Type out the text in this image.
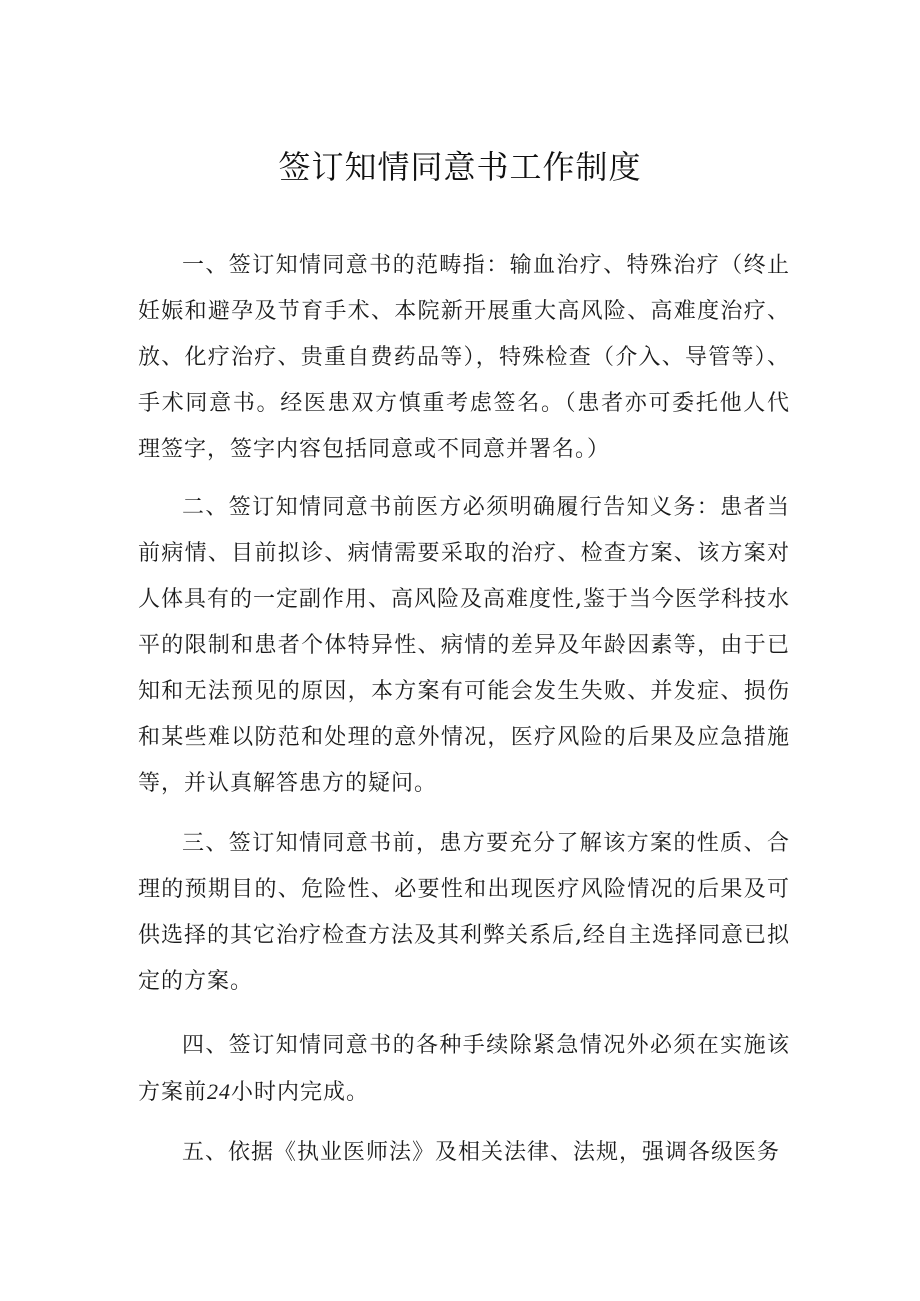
签订知情同意书工作制度

一、签订知情同意书的范畴指：输血治疗、特殊治疗（终止妊娠和避孕及节育手术、本院新开展重大高风险、高难度治疗、放、化疗治疗、贵重自费药品等），特殊检查（介入、导管等）、手术同意书。经医患双方慎重考虑签名。（患者亦可委托他人代理签字，签字内容包括同意或不同意并署名。）

二、签订知情同意书前医方必须明确履行告知义务：患者当前病情、目前拟诊、病情需要采取的治疗、检查方案、该方案对人体具有的一定副作用、高风险及高难度性,鉴于当今医学科技水平的限制和患者个体特异性、病情的差异及年龄因素等，由于已知和无法预见的原因，本方案有可能会发生失败、并发症、损伤和某些难以防范和处理的意外情况，医疗风险的后果及应急措施等，并认真解答患方的疑问。

三、签订知情同意书前，患方要充分了解该方案的性质、合理的预期目的、危险性、必要性和出现医疗风险情况的后果及可供选择的其它治疗检查方法及其利弊关系后,经自主选择同意已拟定的方案。

四、签订知情同意书的各种手续除紧急情况外必须在实施该方案前24小时内完成。

五、依据《执业医师法》及相关法律、法规，强调各级医务
